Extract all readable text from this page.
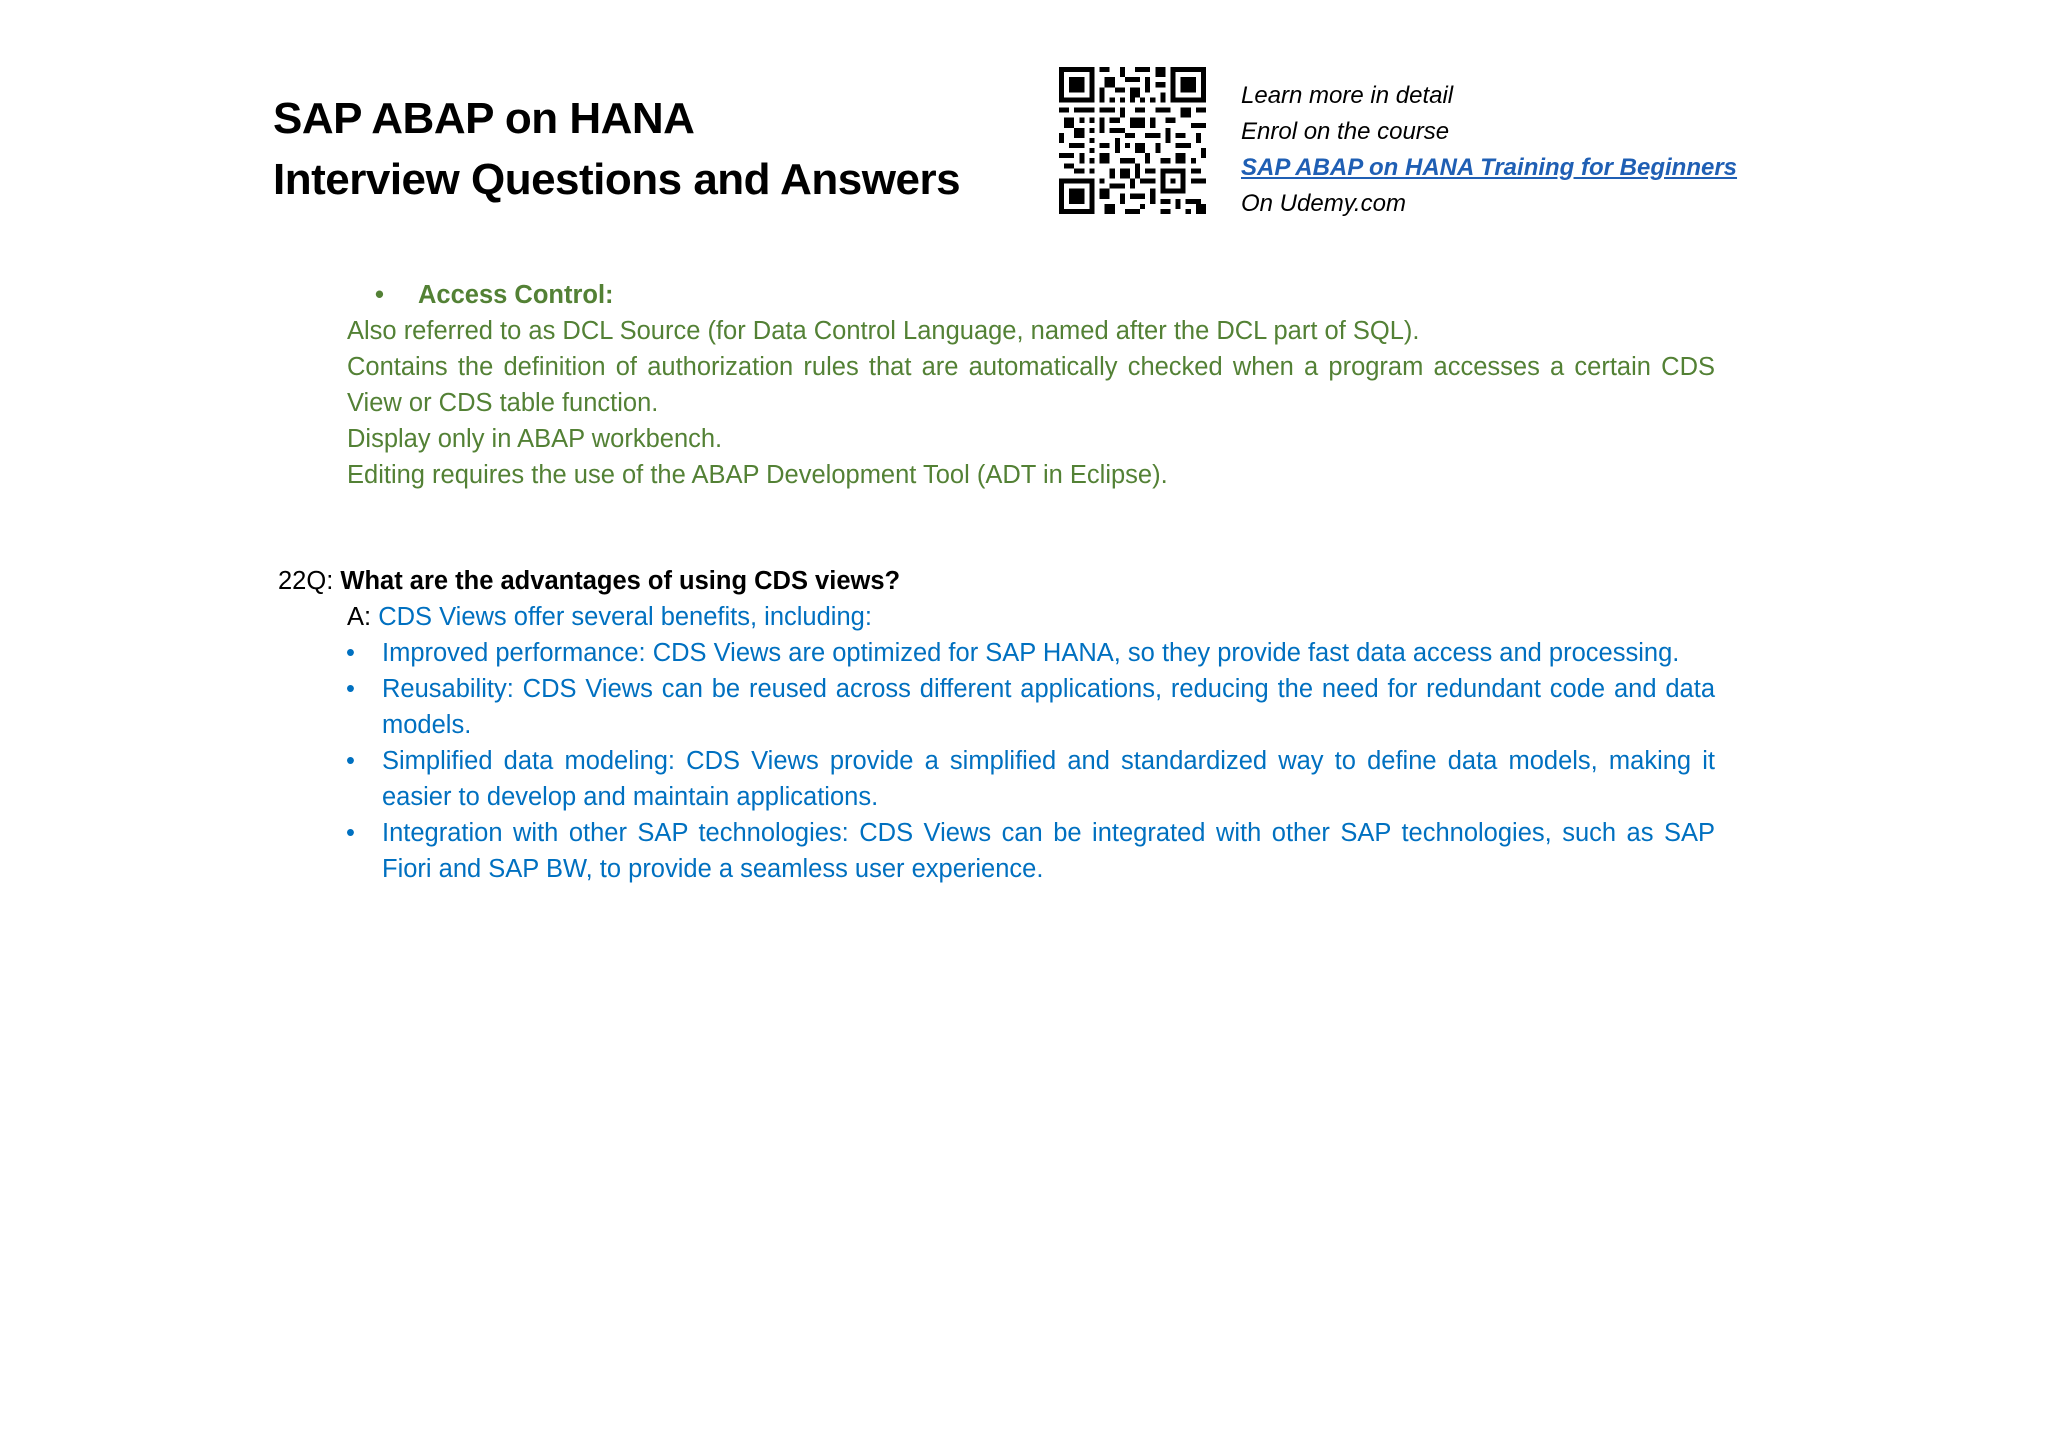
SAP ABAP on HANA
Interview Questions and Answers
Learn more in detail
Enrol on the course
SAP ABAP on HANA Training for Beginners
On Udemy.com
• Access Control:
Also referred to as DCL Source (for Data Control Language, named after the DCL part of SQL).
Contains the definition of authorization rules that are automatically checked when a program accesses a certain CDS View or CDS table function.
Display only in ABAP workbench.
Editing requires the use of the ABAP Development Tool (ADT in Eclipse).
22Q: What are the advantages of using CDS views?
A: CDS Views offer several benefits, including:
• Improved performance: CDS Views are optimized for SAP HANA, so they provide fast data access and processing.
• Reusability: CDS Views can be reused across different applications, reducing the need for redundant code and data models.
• Simplified data modeling: CDS Views provide a simplified and standardized way to define data models, making it easier to develop and maintain applications.
• Integration with other SAP technologies: CDS Views can be integrated with other SAP technologies, such as SAP Fiori and SAP BW, to provide a seamless user experience.
